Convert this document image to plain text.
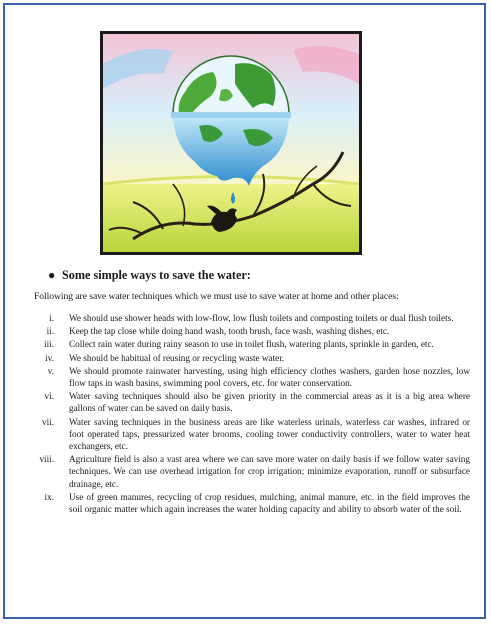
● Some simple ways to save the water:
Following are save water techniques which we must use to save water at home and other places:
i. We should use shower heads with low-flow, low flush toilets and composting toilets or dual flush toilets.
ii. Keep the tap close while doing hand wash, tooth brush, face wash, washing dishes, etc.
iii. Collect rain water during rainy season to use in toilet flush, watering plants, sprinkle in garden, etc.
iv. We should be habitual of reusing or recycling waste water.
v. We should promote rainwater harvesting, using high efficiency clothes washers, garden hose nozzles, low flow taps in wash basins, swimming pool covers, etc. for water conservation.
vi. Water saving techniques should also be given priority in the commercial areas as it is a big area where gallons of water can be saved on daily basis.
vii. Water saving techniques in the business areas are like waterless urinals, waterless car washes, infrared or foot operated taps, pressurized water brooms, cooling tower conductivity controllers, water to water heat exchangers, etc.
viii. Agriculture field is also a vast area where we can save more water on daily basis if we follow water saving techniques. We can use overhead irrigation for crop irrigation; minimize evaporation, runoff or subsurface drainage, etc.
ix. Use of green manures, recycling of crop residues, mulching, animal manure, etc. in the field improves the soil organic matter which again increases the water holding capacity and ability to absorb water of the soil.
